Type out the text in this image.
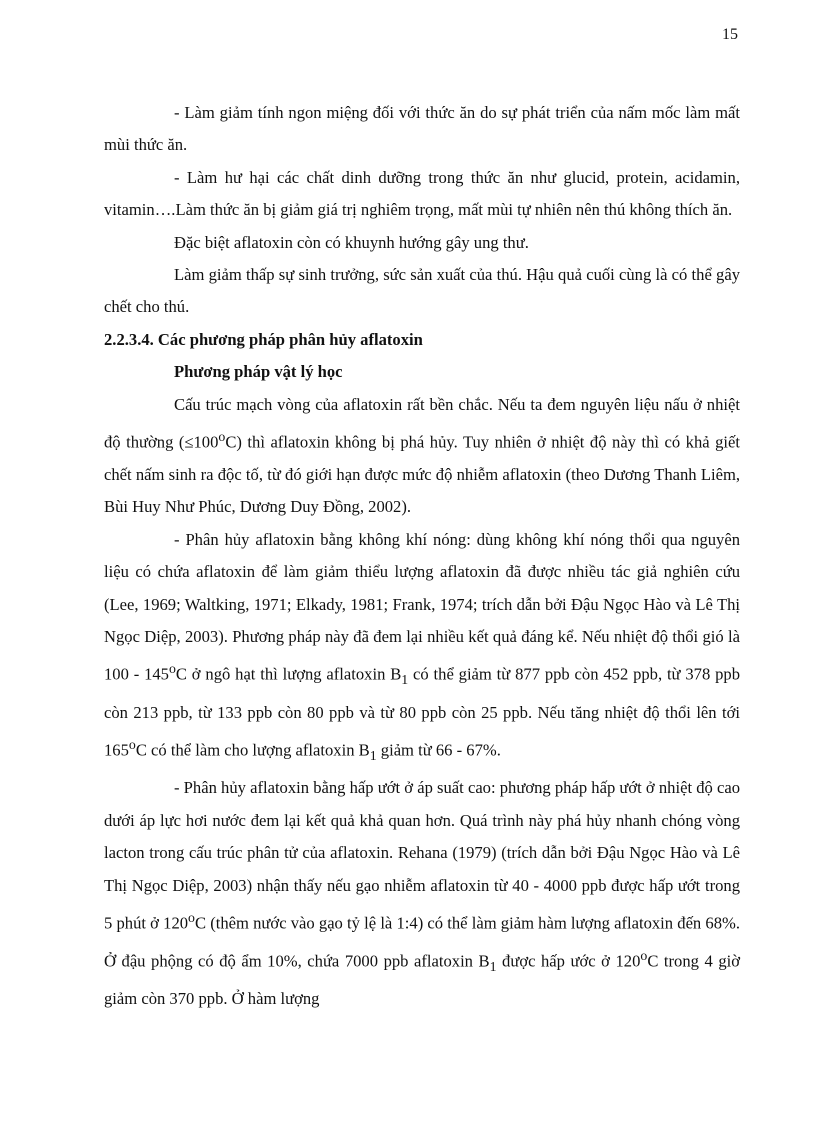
15

- Làm giảm tính ngon miệng đối với thức ăn do sự phát triển của nấm mốc làm mất mùi thức ăn.

- Làm hư hại các chất dinh dưỡng trong thức ăn như glucid, protein, acidamin, vitamin….Làm thức ăn bị giảm giá trị nghiêm trọng, mất mùi tự nhiên nên thú không thích ăn.

Đặc biệt aflatoxin còn có khuynh hướng gây ung thư.

Làm giảm thấp sự sinh trưởng, sức sản xuất của thú. Hậu quả cuối cùng là có thể gây chết cho thú.

2.2.3.4. Các phương pháp phân hủy aflatoxin

Phương pháp vật lý học

Cấu trúc mạch vòng của aflatoxin rất bền chắc. Nếu ta đem nguyên liệu nấu ở nhiệt độ thường $(\le 100^oC)$ thì aflatoxin không bị phá hủy. Tuy nhiên ở nhiệt độ này thì có khả giết chết nấm sinh ra độc tố, từ đó giới hạn được mức độ nhiễm aflatoxin (theo Dương Thanh Liêm, Bùi Huy Như Phúc, Dương Duy Đồng, 2002).

- Phân hủy aflatoxin bằng không khí nóng: dùng không khí nóng thổi qua nguyên liệu có chứa aflatoxin để làm giảm thiểu lượng aflatoxin đã được nhiều tác giả nghiên cứu (Lee, 1969; Waltking, 1971; Elkady, 1981; Frank, 1974; trích dẫn bởi Đậu Ngọc Hào và Lê Thị Ngọc Diệp, 2003). Phương pháp này đã đem lại nhiều kết quả đáng kể. Nếu nhiệt độ thổi gió là 100 - 145$^o$C ở ngô hạt thì lượng aflatoxin $B_1$ có thể giảm từ 877 ppb còn 452 ppb, từ 378 ppb còn 213 ppb, từ 133 ppb còn 80 ppb và từ 80 ppb còn 25 ppb. Nếu tăng nhiệt độ thổi lên tới 165$^o$C có thể làm cho lượng aflatoxin $B_1$ giảm từ 66 - 67%.

- Phân hủy aflatoxin bằng hấp ướt ở áp suất cao: phương pháp hấp ướt ở nhiệt độ cao dưới áp lực hơi nước đem lại kết quả khả quan hơn. Quá trình này phá hủy nhanh chóng vòng lacton trong cấu trúc phân tử của aflatoxin. Rehana (1979) (trích dẫn bởi Đậu Ngọc Hào và Lê Thị Ngọc Diệp, 2003) nhận thấy nếu gạo nhiễm aflatoxin từ 40 - 4000 ppb được hấp ướt trong 5 phút ở 120$^o$C (thêm nước vào gạo tỷ lệ là 1:4) có thể làm giảm hàm lượng aflatoxin đến 68%. Ở đậu phộng có độ ẩm 10%, chứa 7000 ppb aflatoxin $B_1$ được hấp ước ở 120$^o$C trong 4 giờ giảm còn 370 ppb. Ở hàm lượng
